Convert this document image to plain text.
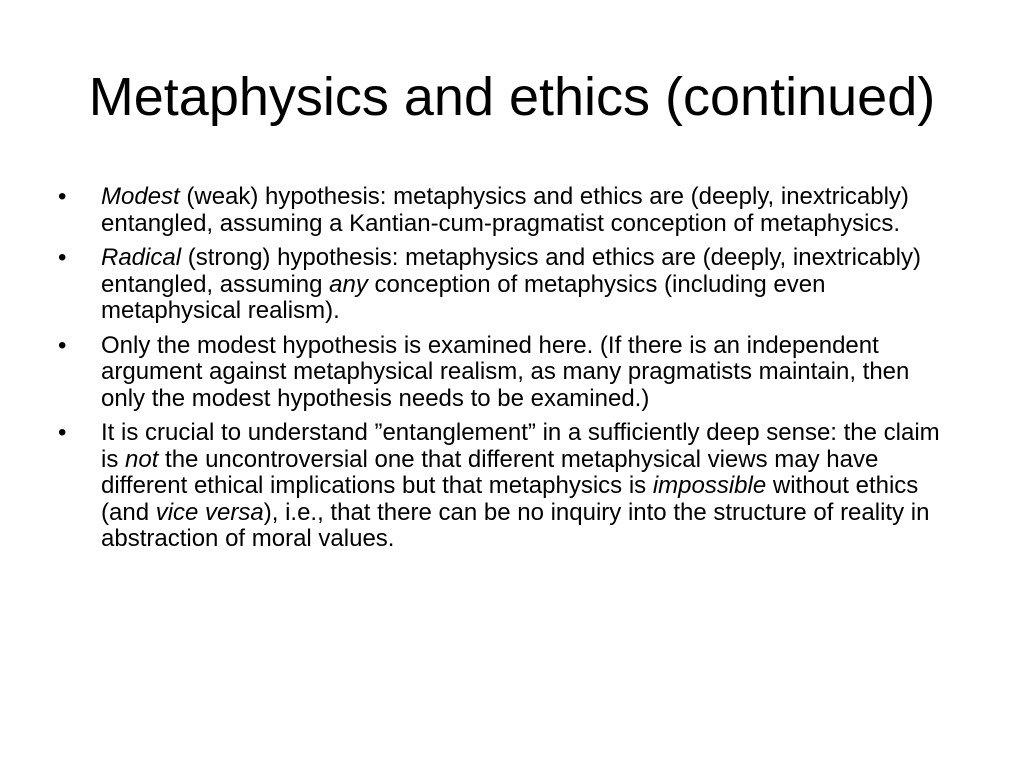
Metaphysics and ethics (continued)
•	Modest (weak) hypothesis: metaphysics and ethics are (deeply, inextricably) entangled, assuming a Kantian-cum-pragmatist conception of metaphysics.
•	Radical (strong) hypothesis: metaphysics and ethics are (deeply, inextricably) entangled, assuming any conception of metaphysics (including even metaphysical realism).
•	Only the modest hypothesis is examined here. (If there is an independent argument against metaphysical realism, as many pragmatists maintain, then only the modest hypothesis needs to be examined.)
•	It is crucial to understand ”entanglement” in a sufficiently deep sense: the claim is not the uncontroversial one that different metaphysical views may have different ethical implications but that metaphysics is impossible without ethics (and vice versa), i.e., that there can be no inquiry into the structure of reality in abstraction of moral values.
